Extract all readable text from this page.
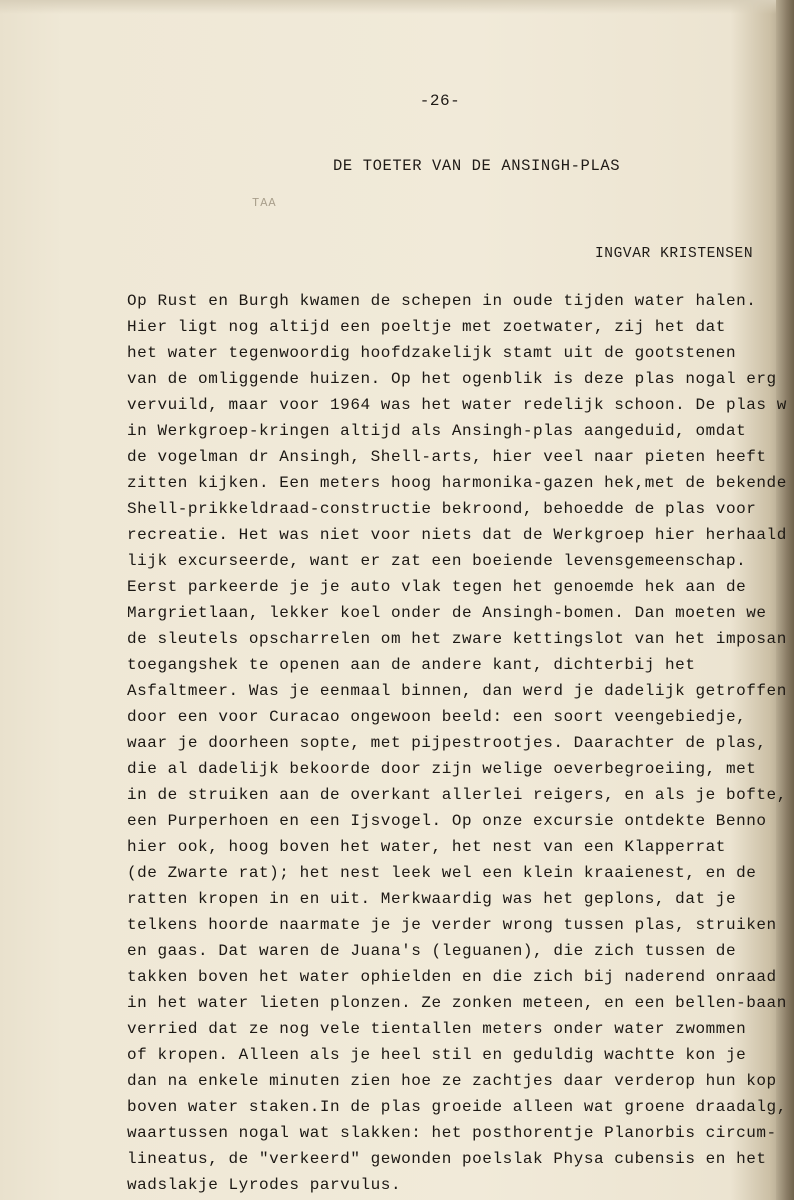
-26-
DE TOETER VAN DE ANSINGH-PLAS
TAA
INGVAR KRISTENSEN
Op Rust en Burgh kwamen de schepen in oude tijden water halen.
Hier ligt nog altijd een poeltje met zoetwater, zij het dat
het water tegenwoordig hoofdzakelijk stamt uit de gootstenen
van de omliggende huizen. Op het ogenblik is deze plas nogal erg
vervuild, maar voor 1964 was het water redelijk schoon. De plas w
in Werkgroep-kringen altijd als Ansingh-plas aangeduid, omdat
de vogelman dr Ansingh, Shell-arts, hier veel naar pieten heeft
zitten kijken. Een meters hoog harmonika-gazen hek,met de bekende
Shell-prikkeldraad-constructie bekroond, behoedde de plas voor
recreatie. Het was niet voor niets dat de Werkgroep hier herhaald
lijk excurseerde, want er zat een boeiende levensgemeenschap.
Eerst parkeerde je je auto vlak tegen het genoemde hek aan de
Margrietlaan, lekker koel onder de Ansingh-bomen. Dan moeten we
de sleutels opscharrelen om het zware kettingslot van het imposan
toegangshek te openen aan de andere kant, dichterbij het
Asfaltmeer. Was je eenmaal binnen, dan werd je dadelijk getroffen
door een voor Curacao ongewoon beeld: een soort veengebiedje,
waar je doorheen sopte, met pijpestrootjes. Daarachter de plas,
die al dadelijk bekoorde door zijn welige oeverbegroeiing, met
in de struiken aan de overkant allerlei reigers, en als je bofte,
een Purperhoen en een Ijsvogel. Op onze excursie ontdekte Benno
hier ook, hoog boven het water, het nest van een Klapperrat
(de Zwarte rat); het nest leek wel een klein kraaienest, en de
ratten kropen in en uit. Merkwaardig was het geplons, dat je
telkens hoorde naarmate je je verder wrong tussen plas, struiken
en gaas. Dat waren de Juana's (leguanen), die zich tussen de
takken boven het water ophielden en die zich bij naderend onraad
in het water lieten plonzen. Ze zonken meteen, en een bellen-baan
verried dat ze nog vele tientallen meters onder water zwommen
of kropen. Alleen als je heel stil en geduldig wachtte kon je
dan na enkele minuten zien hoe ze zachtjes daar verderop hun kop
boven water staken.In de plas groeide alleen wat groene draadalg,
waartussen nogal wat slakken: het posthorentje Planorbis circum-
lineatus, de "verkeerd" gewonden poelslak Physa cubensis en het
wadslakje Lyrodes parvulus.
